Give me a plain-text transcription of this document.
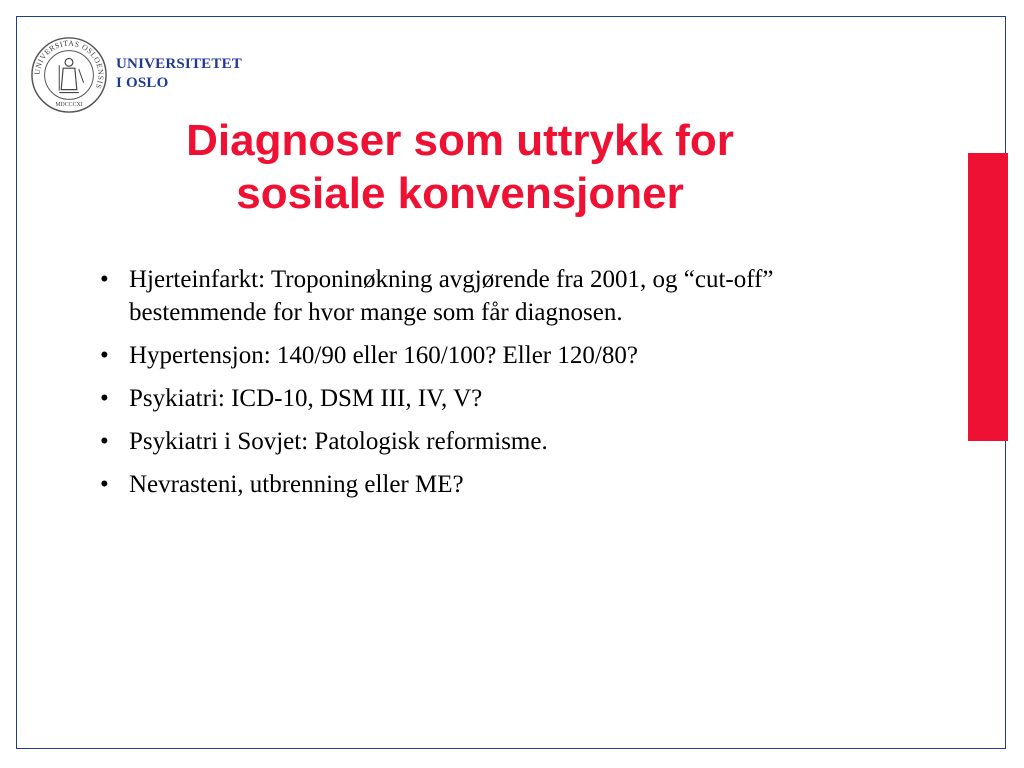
UNIVERSITAS OSLOENSIS
MDCCCXI
UNIVERSITETET
I OSLO
Diagnoser som uttrykk for
sosiale konvensjoner
• Hjerteinfarkt: Troponinøkning avgjørende fra 2001, og “cut-off” bestemmende for hvor mange som får diagnosen.
• Hypertensjon: 140/90 eller 160/100? Eller 120/80?
• Psykiatri: ICD-10, DSM III, IV, V?
• Psykiatri i Sovjet: Patologisk reformisme.
• Nevrasteni, utbrenning eller ME?
